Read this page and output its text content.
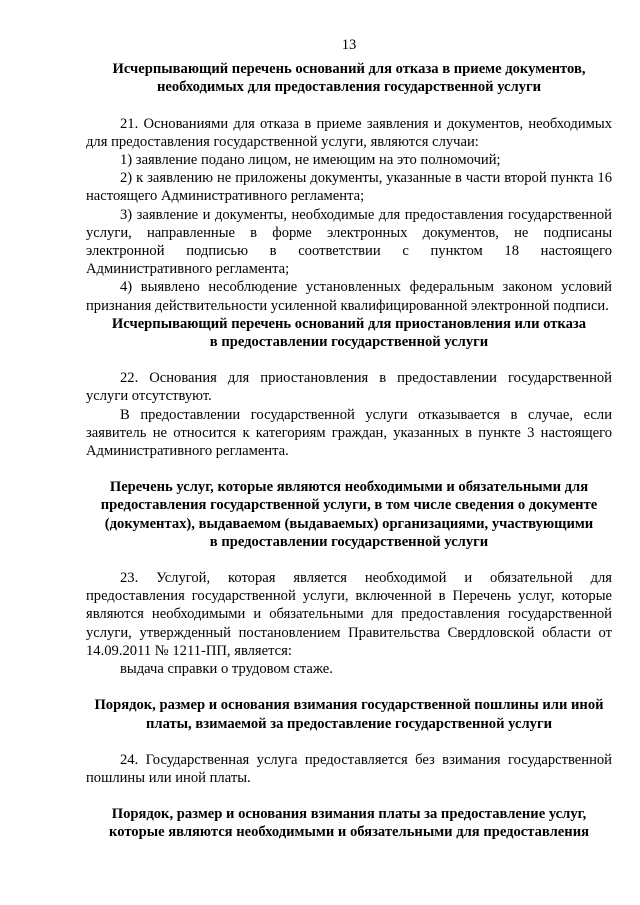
13
Исчерпывающий перечень оснований для отказа в приеме документов,
необходимых для предоставления государственной услуги

21. Основаниями для отказа в приеме заявления и документов, необходимых для предоставления государственной услуги, являются случаи:

1) заявление подано лицом, не имеющим на это полномочий;

2) к заявлению не приложены документы, указанные в части второй пункта 16 настоящего Административного регламента;

3) заявление и документы, необходимые для предоставления государственной услуги, направленные в форме электронных документов, не подписаны электронной подписью в соответствии с пунктом 18 настоящего Административного регламента;

4) выявлено несоблюдение установленных федеральным законом условий признания действительности усиленной квалифицированной электронной подписи.

Исчерпывающий перечень оснований для приостановления или отказа
в предоставлении государственной услуги

22. Основания для приостановления в предоставлении государственной услуги отсутствуют.

В предоставлении государственной услуги отказывается в случае, если заявитель не относится к категориям граждан, указанных в пункте 3 настоящего Административного регламента.

Перечень услуг, которые являются необходимыми и обязательными для
предоставления государственной услуги, в том числе сведения о документе
(документах), выдаваемом (выдаваемых) организациями, участвующими
в предоставлении государственной услуги

23. Услугой, которая является необходимой и обязательной для предоставления государственной услуги, включенной в Перечень услуг, которые являются необходимыми и обязательными для предоставления государственной услуги, утвержденный постановлением Правительства Свердловской области от 14.09.2011 № 1211-ПП, является:

выдача справки о трудовом стаже.

Порядок, размер и основания взимания государственной пошлины или иной
платы, взимаемой за предоставление государственной услуги

24. Государственная услуга предоставляется без взимания государственной пошлины или иной платы.

Порядок, размер и основания взимания платы за предоставление услуг,
которые являются необходимыми и обязательными для предоставления
